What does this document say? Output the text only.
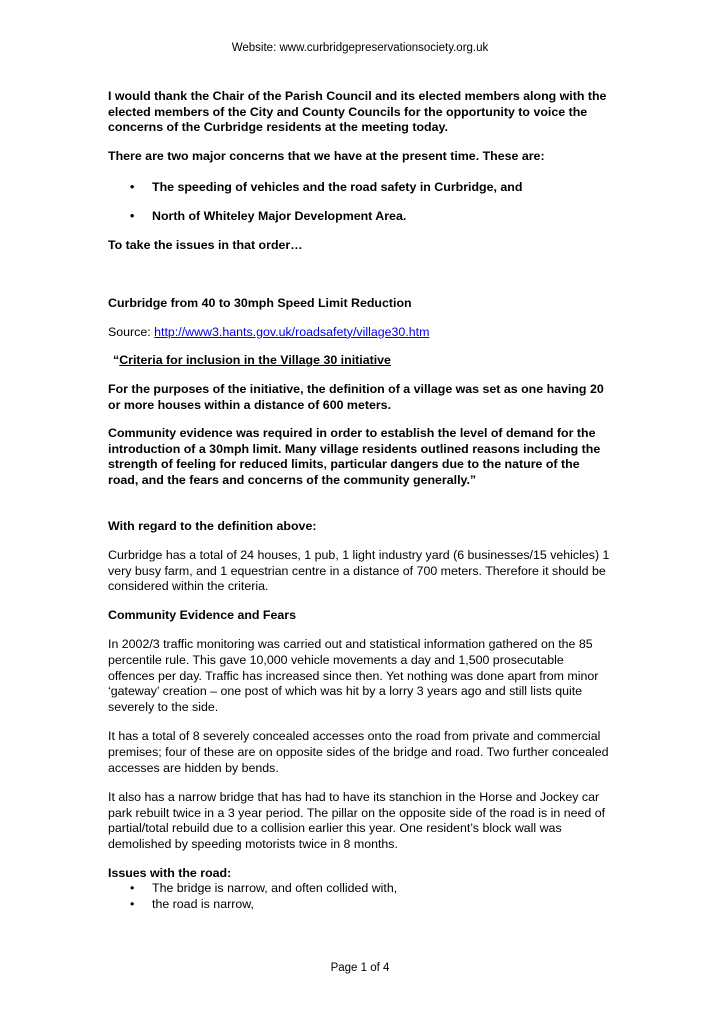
Website: www.curbridgepreservationsociety.org.uk

I would thank the Chair of the Parish Council and its elected members along with the elected members of the City and County Councils for the opportunity to voice the concerns of the Curbridge residents at the meeting today.

There are two major concerns that we have at the present time. These are:

• The speeding of vehicles and the road safety in Curbridge, and
• North of Whiteley Major Development Area.

To take the issues in that order…

Curbridge from 40 to 30mph Speed Limit Reduction

Source: http://www3.hants.gov.uk/roadsafety/village30.htm

“Criteria for inclusion in the Village 30 initiative

For the purposes of the initiative, the definition of a village was set as one having 20 or more houses within a distance of 600 meters.

Community evidence was required in order to establish the level of demand for the introduction of a 30mph limit. Many village residents outlined reasons including the strength of feeling for reduced limits, particular dangers due to the nature of the road, and the fears and concerns of the community generally.”

With regard to the definition above:

Curbridge has a total of 24 houses, 1 pub, 1 light industry yard (6 businesses/15 vehicles) 1 very busy farm, and 1 equestrian centre in a distance of 700 meters. Therefore it should be considered within the criteria.

Community Evidence and Fears

In 2002/3 traffic monitoring was carried out and statistical information gathered on the 85 percentile rule. This gave 10,000 vehicle movements a day and 1,500 prosecutable offences per day. Traffic has increased since then. Yet nothing was done apart from minor ‘gateway’ creation – one post of which was hit by a lorry 3 years ago and still lists quite severely to the side.

It has a total of 8 severely concealed accesses onto the road from private and commercial premises; four of these are on opposite sides of the bridge and road. Two further concealed accesses are hidden by bends.

It also has a narrow bridge that has had to have its stanchion in the Horse and Jockey car park rebuilt twice in a 3 year period. The pillar on the opposite side of the road is in need of partial/total rebuild due to a collision earlier this year. One resident’s block wall was demolished by speeding motorists twice in 8 months.

Issues with the road:

• The bridge is narrow, and often collided with,
• the road is narrow,
Page 1 of 4
